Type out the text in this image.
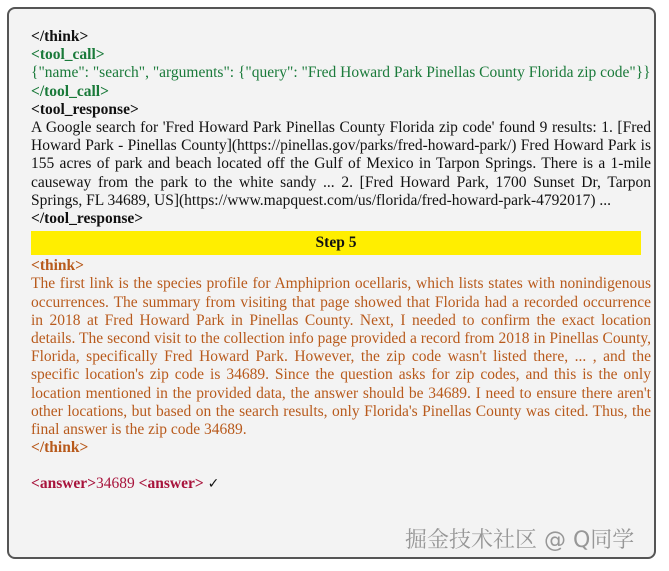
</think>
<tool_call>
{"name": "search", "arguments": {"query": "Fred Howard Park Pinellas County Florida zip code"}}
</tool_call>
<tool_response>
A Google search for 'Fred Howard Park Pinellas County Florida zip code' found 9 results: 1. [Fred Howard Park - Pinellas County](https://pinellas.gov/parks/fred-howard-park/) Fred Howard Park is 155 acres of park and beach located off the Gulf of Mexico in Tarpon Springs. There is a 1-mile causeway from the park to the white sandy ... 2. [Fred Howard Park, 1700 Sunset Dr, Tarpon Springs, FL 34689, US](https://www.mapquest.com/us/florida/fred-howard-park-4792017) ...
</tool_response>
Step 5
<think>
The first link is the species profile for Amphiprion ocellaris, which lists states with nonindigenous occurrences. The summary from visiting that page showed that Florida had a recorded occurrence in 2018 at Fred Howard Park in Pinellas County. Next, I needed to confirm the exact location details. The second visit to the collection info page provided a record from 2018 in Pinellas County, Florida, specifically Fred Howard Park. However, the zip code wasn't listed there, ... , and the specific location's zip code is 34689. Since the question asks for zip codes, and this is the only location mentioned in the provided data, the answer should be 34689. I need to ensure there aren't other locations, but based on the search results, only Florida's Pinellas County was cited. Thus, the final answer is the zip code 34689.
</think>
<answer>34689 <answer> ✓
掘金技术社区 @ Q同学
